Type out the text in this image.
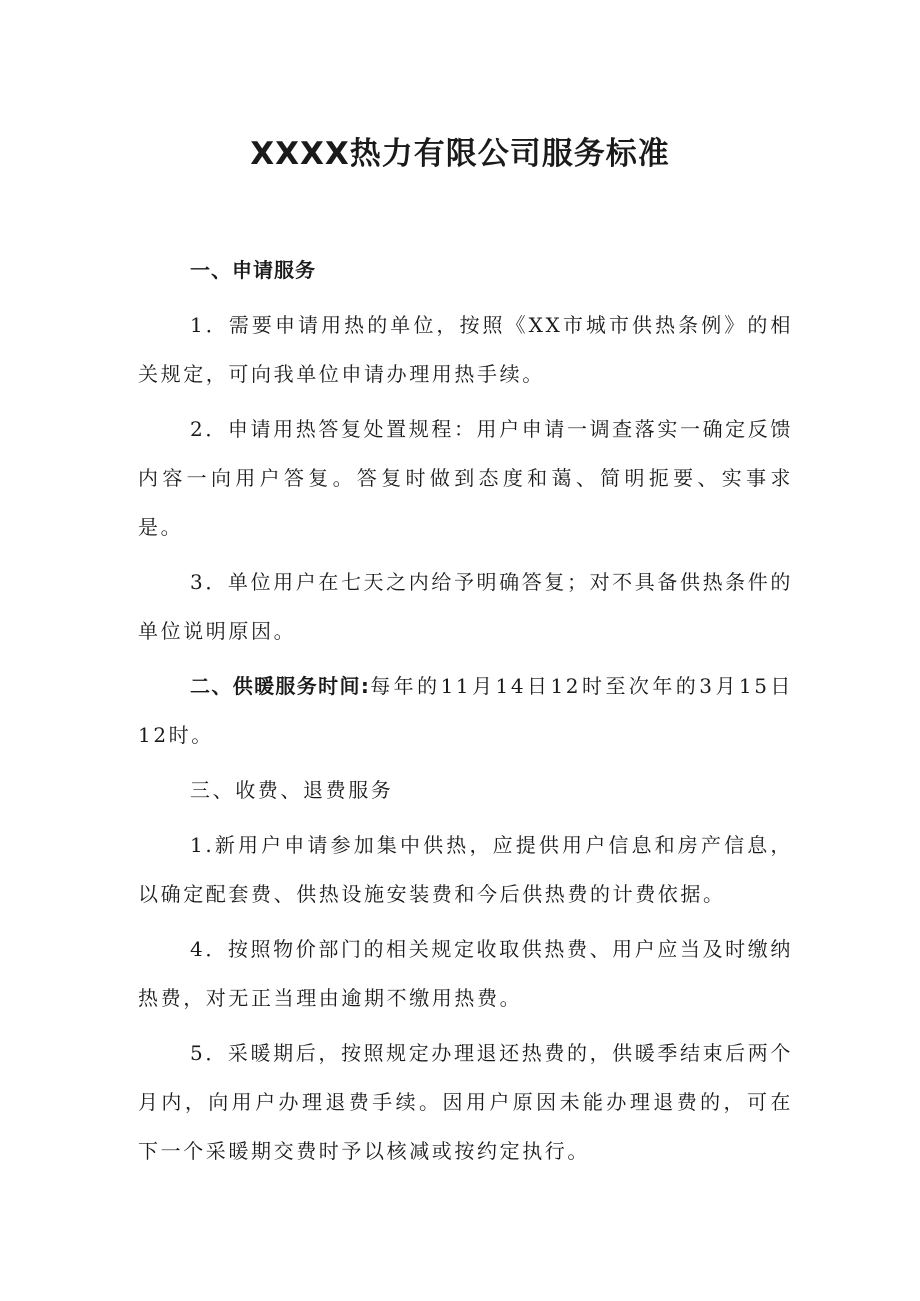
XXXX热力有限公司服务标准

一、申请服务

1．需要申请用热的单位，按照《XX市城市供热条例》的相关规定，可向我单位申请办理用热手续。

2．申请用热答复处置规程：用户申请一调查落实一确定反馈内容一向用户答复。答复时做到态度和蔼、简明扼要、实事求是。

3．单位用户在七天之内给予明确答复；对不具备供热条件的单位说明原因。

二、供暖服务时间:每年的11月14日12时至次年的3月15日12时。

三、收费、退费服务

1.新用户申请参加集中供热，应提供用户信息和房产信息，以确定配套费、供热设施安装费和今后供热费的计费依据。

4．按照物价部门的相关规定收取供热费、用户应当及时缴纳热费，对无正当理由逾期不缴用热费。

5．采暖期后，按照规定办理退还热费的，供暖季结束后两个月内，向用户办理退费手续。因用户原因未能办理退费的，可在下一个采暖期交费时予以核减或按约定执行。
